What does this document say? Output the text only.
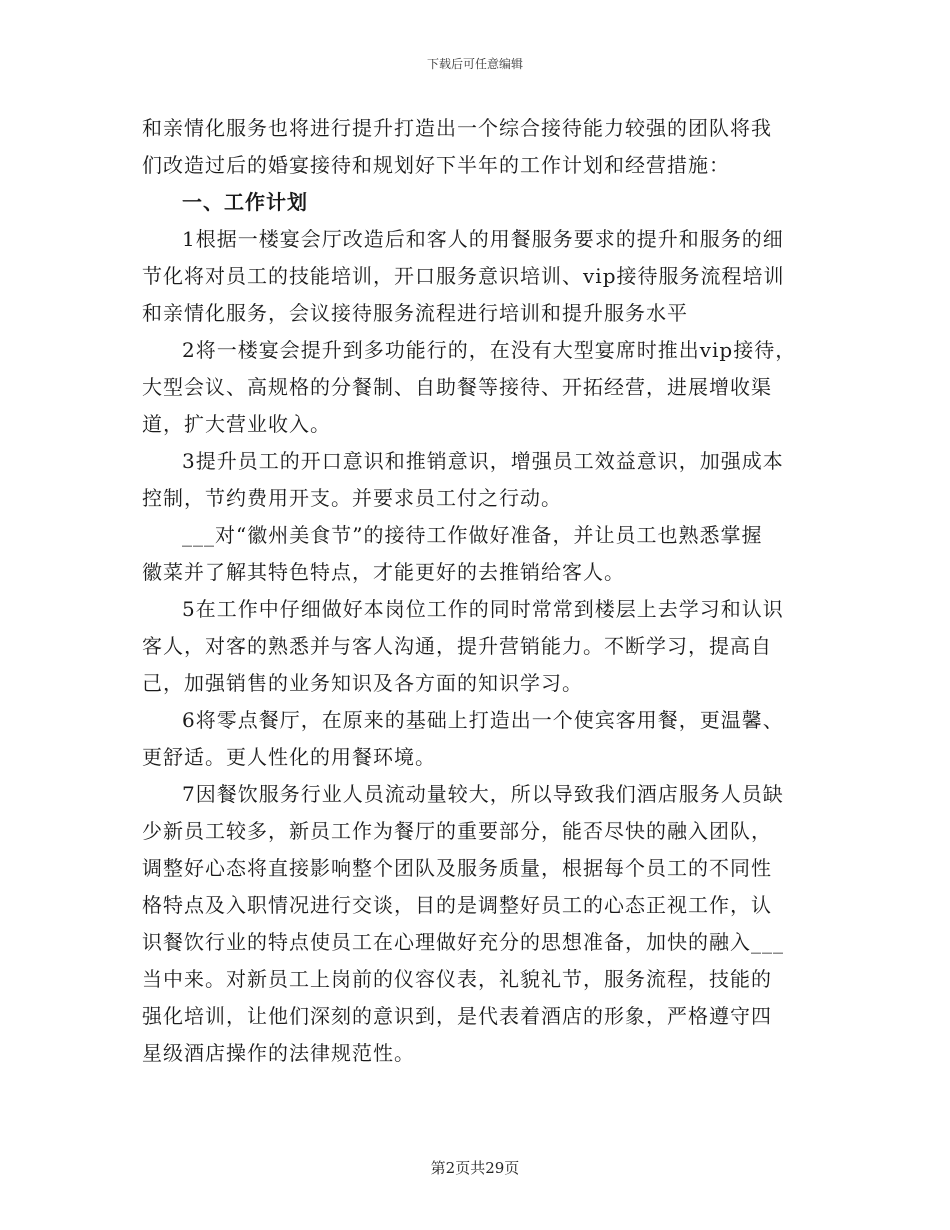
下载后可任意编辑
和亲情化服务也将进行提升打造出一个综合接待能力较强的团队将我
们改造过后的婚宴接待和规划好下半年的工作计划和经营措施：
一、工作计划
1根据一楼宴会厅改造后和客人的用餐服务要求的提升和服务的细
节化将对员工的技能培训，开口服务意识培训、vip接待服务流程培训
和亲情化服务，会议接待服务流程进行培训和提升服务水平
2将一楼宴会提升到多功能行的，在没有大型宴席时推出vip接待，
大型会议、高规格的分餐制、自助餐等接待、开拓经营，进展增收渠
道，扩大营业收入。
3提升员工的开口意识和推销意识，增强员工效益意识，加强成本
控制，节约费用开支。并要求员工付之行动。
___对“徽州美食节”的接待工作做好准备，并让员工也熟悉掌握
徽菜并了解其特色特点，才能更好的去推销给客人。
5在工作中仔细做好本岗位工作的同时常常到楼层上去学习和认识
客人，对客的熟悉并与客人沟通，提升营销能力。不断学习，提高自
己，加强销售的业务知识及各方面的知识学习。
6将零点餐厅，在原来的基础上打造出一个使宾客用餐，更温馨、
更舒适。更人性化的用餐环境。
7因餐饮服务行业人员流动量较大，所以导致我们酒店服务人员缺
少新员工较多，新员工作为餐厅的重要部分，能否尽快的融入团队，
调整好心态将直接影响整个团队及服务质量，根据每个员工的不同性
格特点及入职情况进行交谈，目的是调整好员工的心态正视工作，认
识餐饮行业的特点使员工在心理做好充分的思想准备，加快的融入___
当中来。对新员工上岗前的仪容仪表，礼貌礼节，服务流程，技能的
强化培训，让他们深刻的意识到，是代表着酒店的形象，严格遵守四
星级酒店操作的法律规范性。
第2页共29页
